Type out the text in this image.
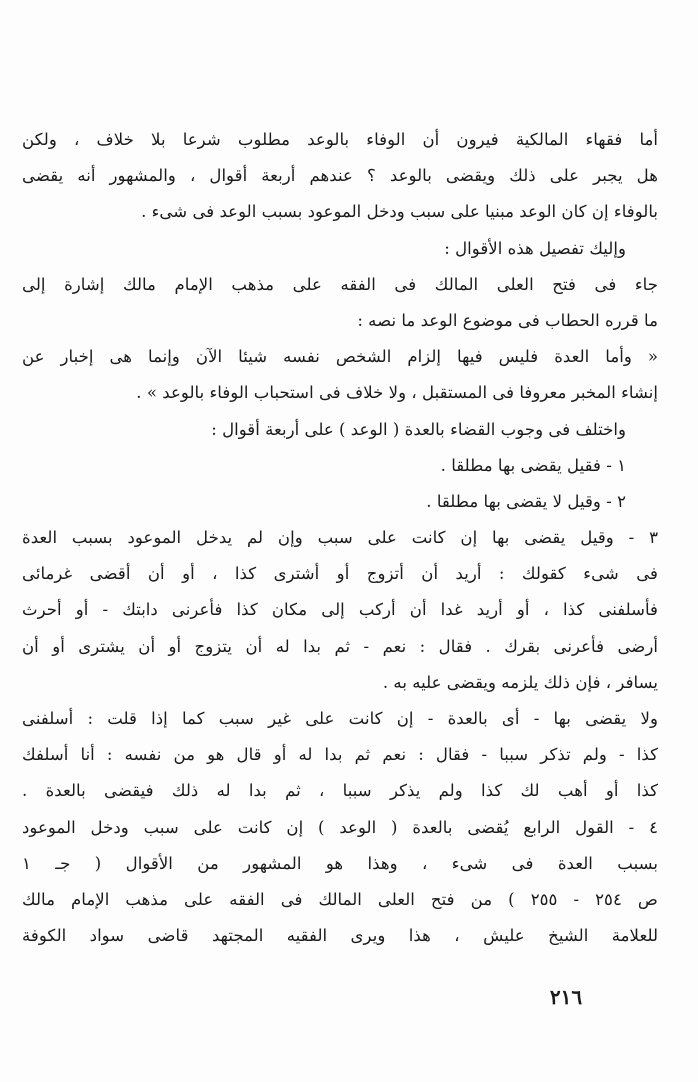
أما فقهاء المالكية فيرون أن الوفاء بالوعد مطلوب شرعا بلا خلاف ، ولكن
هل يجبر على ذلك ويقضى بالوعد ؟ عندهم أربعة أقوال ، والمشهور أنه يقضى
بالوفاء إن كان الوعد مبنيا على سبب ودخل الموعود بسبب الوعد فى شىء .
وإليك تفصيل هذه الأقوال :
جاء فى فتح العلى المالك فى الفقه على مذهب الإمام مالك إشارة إلى
ما قرره الحطاب فى موضوع الوعد ما نصه :
« وأما العدة فليس فيها إلزام الشخص نفسه شيئا الآن وإنما هى إخبار عن
إنشاء المخبر معروفا فى المستقبل ، ولا خلاف فى استحباب الوفاء بالوعد » .
واختلف فى وجوب القضاء بالعدة ( الوعد ) على أربعة أقوال :
١ - فقيل يقضى بها مطلقا .
٢ - وقيل لا يقضى بها مطلقا .
٣ - وقيل يقضى بها إن كانت على سبب وإن لم يدخل الموعود بسبب العدة
فى شىء كقولك : أريد أن أتزوج أو أشترى كذا ، أو أن أقضى غرمائى
فأسلفنى كذا ، أو أريد غدا أن أركب إلى مكان كذا فأعرنى دابتك - أو أحرث
أرضى فأعرنى بقرك . فقال : نعم - ثم بدا له أن يتزوج أو أن يشترى أو أن
يسافر ، فإن ذلك يلزمه ويقضى عليه به .
ولا يقضى بها - أى بالعدة - إن كانت على غير سبب كما إذا قلت : أسلفنى
كذا - ولم تذكر سببا - فقال : نعم ثم بدا له أو قال هو من نفسه : أنا أسلفك
كذا أو أهب لك كذا ولم يذكر سببا ، ثم بدا له ذلك فيقضى بالعدة .
٤ - القول الرابع يُقضى بالعدة ( الوعد ) إن كانت على سبب ودخل الموعود
بسبب العدة فى شىء ، وهذا هو المشهور من الأقوال ( جـ ١
ص ٢٥٤ - ٢٥٥ ) من فتح العلى المالك فى الفقه على مذهب الإمام مالك
للعلامة الشيخ عليش ، هذا ويرى الفقيه المجتهد قاضى سواد الكوفة
٢١٦
